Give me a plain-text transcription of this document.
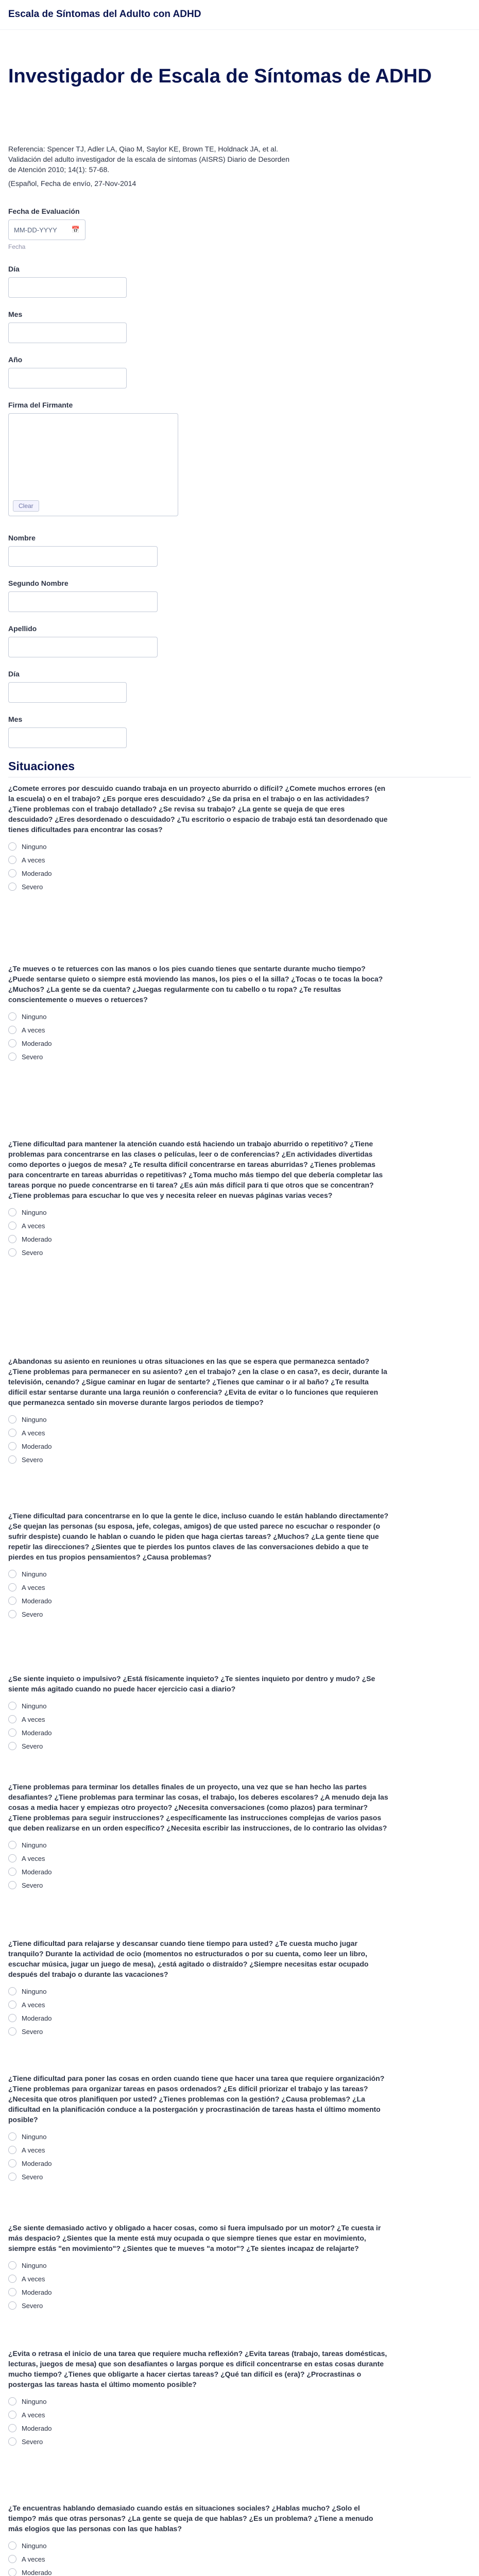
Escala de Síntomas del Adulto con ADHD
Investigador de Escala de Síntomas de ADHD
Referencia: Spencer TJ, Adler LA, Qiao M, Saylor KE, Brown TE, Holdnack JA, et al. Validación del adulto investigador de la escala de síntomas (AISRS) Diario de Desorden de Atención 2010; 14(1): 57-68.
(Español, Fecha de envío, 27-Nov-2014
Fecha de Evaluación
MM-DD-YYYY 📅
Fecha
Día
Mes
Año
Firma del Firmante
Clear
Nombre
Segundo Nombre
Apellido
Día
Mes
Situaciones
¿Comete errores por descuido cuando trabaja en un proyecto aburrido o difícil? ¿Comete muchos errores (en la escuela) o en el trabajo? ¿Es porque eres descuidado? ¿Se da prisa en el trabajo o en las actividades? ¿Tiene problemas con el trabajo detallado? ¿Se revisa su trabajo? ¿La gente se queja de que eres descuidado? ¿Eres desordenado o descuidado? ¿Tu escritorio o espacio de trabajo está tan desordenado que tienes dificultades para encontrar las cosas?
Ninguno
A veces
Moderado
Severo
¿Te mueves o te retuerces con las manos o los pies cuando tienes que sentarte durante mucho tiempo? ¿Puede sentarse quieto o siempre está moviendo las manos, los pies o el la silla? ¿Tocas o te tocas la boca? ¿Muchos? ¿La gente se da cuenta? ¿Juegas regularmente con tu cabello o tu ropa? ¿Te resultas conscientemente o mueves o retuerces?
Ninguno
A veces
Moderado
Severo
¿Tiene dificultad para mantener la atención cuando está haciendo un trabajo aburrido o repetitivo? ¿Tiene problemas para concentrarse en las clases o películas, leer o de conferencias? ¿En actividades divertidas como deportes o juegos de mesa? ¿Te resulta difícil concentrarse en tareas aburridas? ¿Tienes problemas para concentrarte en tareas aburridas o repetitivas? ¿Toma mucho más tiempo del que debería completar las tareas porque no puede concentrarse en ti tarea? ¿Es aún más difícil para ti que otros que se concentran? ¿Tiene problemas para escuchar lo que ves y necesita releer en nuevas páginas varias veces?
Ninguno
A veces
Moderado
Severo
¿Abandonas su asiento en reuniones u otras situaciones en las que se espera que permanezca sentado? ¿Tiene problemas para permanecer en su asiento? ¿en el trabajo? ¿en la clase o en casa?, es decir, durante la televisión, cenando? ¿Sigue caminar en lugar de sentarte? ¿Tienes que caminar o ir al baño? ¿Te resulta difícil estar sentarse durante una larga reunión o conferencia? ¿Evita de evitar o lo funciones que requieren que permanezca sentado sin moverse durante largos periodos de tiempo?
Ninguno
A veces
Moderado
Severo
¿Tiene dificultad para concentrarse en lo que la gente le dice, incluso cuando le están hablando directamente? ¿Se quejan las personas (su esposa, jefe, colegas, amigos) de que usted parece no escuchar o responder (o sufrir despiste) cuando le hablan o cuando le piden que haga ciertas tareas? ¿Muchos? ¿La gente tiene que repetir las direcciones? ¿Sientes que te pierdes los puntos claves de las conversaciones debido a que te pierdes en tus propios pensamientos? ¿Causa problemas?
Ninguno
A veces
Moderado
Severo
¿Se siente inquieto o impulsivo? ¿Está físicamente inquieto? ¿Te sientes inquieto por dentro y mudo? ¿Se siente más agitado cuando no puede hacer ejercicio casi a diario?
Ninguno
A veces
Moderado
Severo
¿Tiene problemas para terminar los detalles finales de un proyecto, una vez que se han hecho las partes desafiantes? ¿Tiene problemas para terminar las cosas, el trabajo, los deberes escolares? ¿A menudo deja las cosas a media hacer y empiezas otro proyecto? ¿Necesita conversaciones (como plazos) para terminar? ¿Tiene problemas para seguir instrucciones? ¿específicamente las instrucciones complejas de varios pasos que deben realizarse en un orden específico? ¿Necesita escribir las instrucciones, de lo contrario las olvidas?
Ninguno
A veces
Moderado
Severo
¿Tiene dificultad para relajarse y descansar cuando tiene tiempo para usted? ¿Te cuesta mucho jugar tranquilo? Durante la actividad de ocio (momentos no estructurados o por su cuenta, como leer un libro, escuchar música, jugar un juego de mesa), ¿está agitado o distraído? ¿Siempre necesitas estar ocupado después del trabajo o durante las vacaciones?
Ninguno
A veces
Moderado
Severo
¿Tiene dificultad para poner las cosas en orden cuando tiene que hacer una tarea que requiere organización? ¿Tiene problemas para organizar tareas en pasos ordenados? ¿Es difícil priorizar el trabajo y las tareas? ¿Necesita que otros planifiquen por usted? ¿Tienes problemas con la gestión? ¿Causa problemas? ¿La dificultad en la planificación conduce a la postergación y procrastinación de tareas hasta el último momento posible?
Ninguno
A veces
Moderado
Severo
¿Se siente demasiado activo y obligado a hacer cosas, como si fuera impulsado por un motor? ¿Te cuesta ir más despacio? ¿Sientes que la mente está muy ocupada o que siempre tienes que estar en movimiento, siempre estás "en movimiento"? ¿Sientes que te mueves "a motor"? ¿Te sientes incapaz de relajarte?
Ninguno
A veces
Moderado
Severo
¿Evita o retrasa el inicio de una tarea que requiere mucha reflexión? ¿Evita tareas (trabajo, tareas domésticas, lecturas, juegos de mesa) que son desafiantes o largas porque es difícil concentrarse en estas cosas durante mucho tiempo? ¿Tienes que obligarte a hacer ciertas tareas? ¿Qué tan difícil es (era)? ¿Procrastinas o postergas las tareas hasta el último momento posible?
Ninguno
A veces
Moderado
Severo
¿Te encuentras hablando demasiado cuando estás en situaciones sociales? ¿Hablas mucho? ¿Solo el tiempo? más que otras personas? ¿La gente se queja de que hablas? ¿Es un problema? ¿Tiene a menudo más elogios que las personas con las que hablas?
Ninguno
A veces
Moderado
